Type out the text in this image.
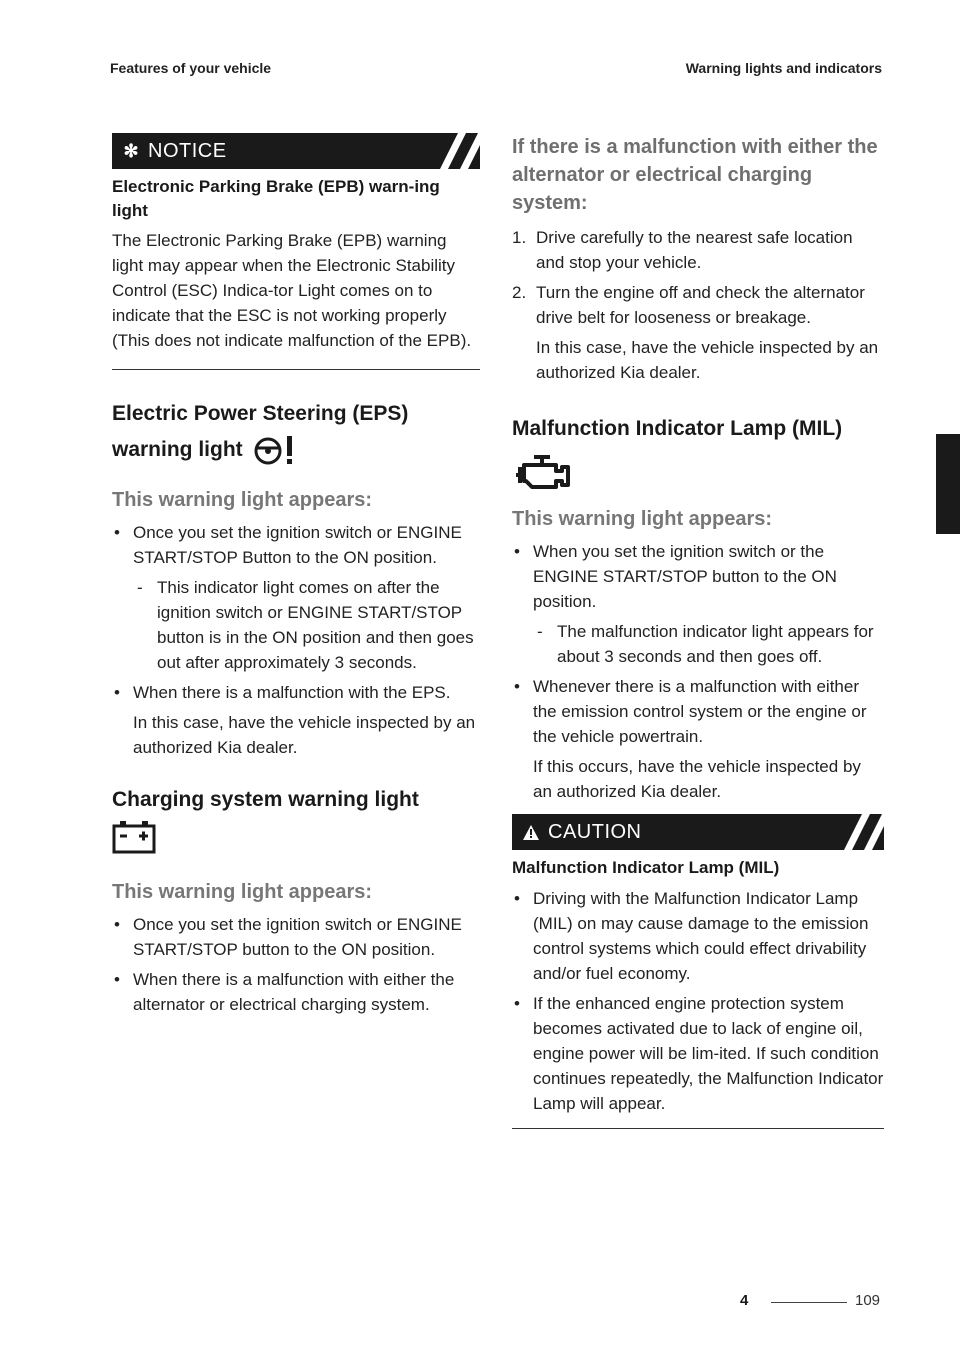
Features of your vehicle	Warning lights and indicators
✻ NOTICE
Electronic Parking Brake (EPB) warn-ing light
The Electronic Parking Brake (EPB) warning light may appear when the Electronic Stability Control (ESC) Indica-tor Light comes on to indicate that the ESC is not working properly (This does not indicate malfunction of the EPB).
Electric Power Steering (EPS) warning light
This warning light appears:
• Once you set the ignition switch or ENGINE START/STOP Button to the ON position.
- This indicator light comes on after the ignition switch or ENGINE START/STOP button is in the ON position and then goes out after approximately 3 seconds.
• When there is a malfunction with the EPS.
In this case, have the vehicle inspected by an authorized Kia dealer.
Charging system warning light
This warning light appears:
• Once you set the ignition switch or ENGINE START/STOP button to the ON position.
• When there is a malfunction with either the alternator or electrical charging system.
If there is a malfunction with either the alternator or electrical charging system:
1. Drive carefully to the nearest safe location and stop your vehicle.
2. Turn the engine off and check the alternator drive belt for looseness or breakage.
In this case, have the vehicle inspected by an authorized Kia dealer.
Malfunction Indicator Lamp (MIL)
This warning light appears:
• When you set the ignition switch or the ENGINE START/STOP button to the ON position.
- The malfunction indicator light appears for about 3 seconds and then goes off.
• Whenever there is a malfunction with either the emission control system or the engine or the vehicle powertrain.
If this occurs, have the vehicle inspected by an authorized Kia dealer.
CAUTION
Malfunction Indicator Lamp (MIL)
• Driving with the Malfunction Indicator Lamp (MIL) on may cause damage to the emission control systems which could effect drivability and/or fuel economy.
• If the enhanced engine protection system becomes activated due to lack of engine oil, engine power will be lim-ited. If such condition continues repeatedly, the Malfunction Indicator Lamp will appear.
4
4	109
